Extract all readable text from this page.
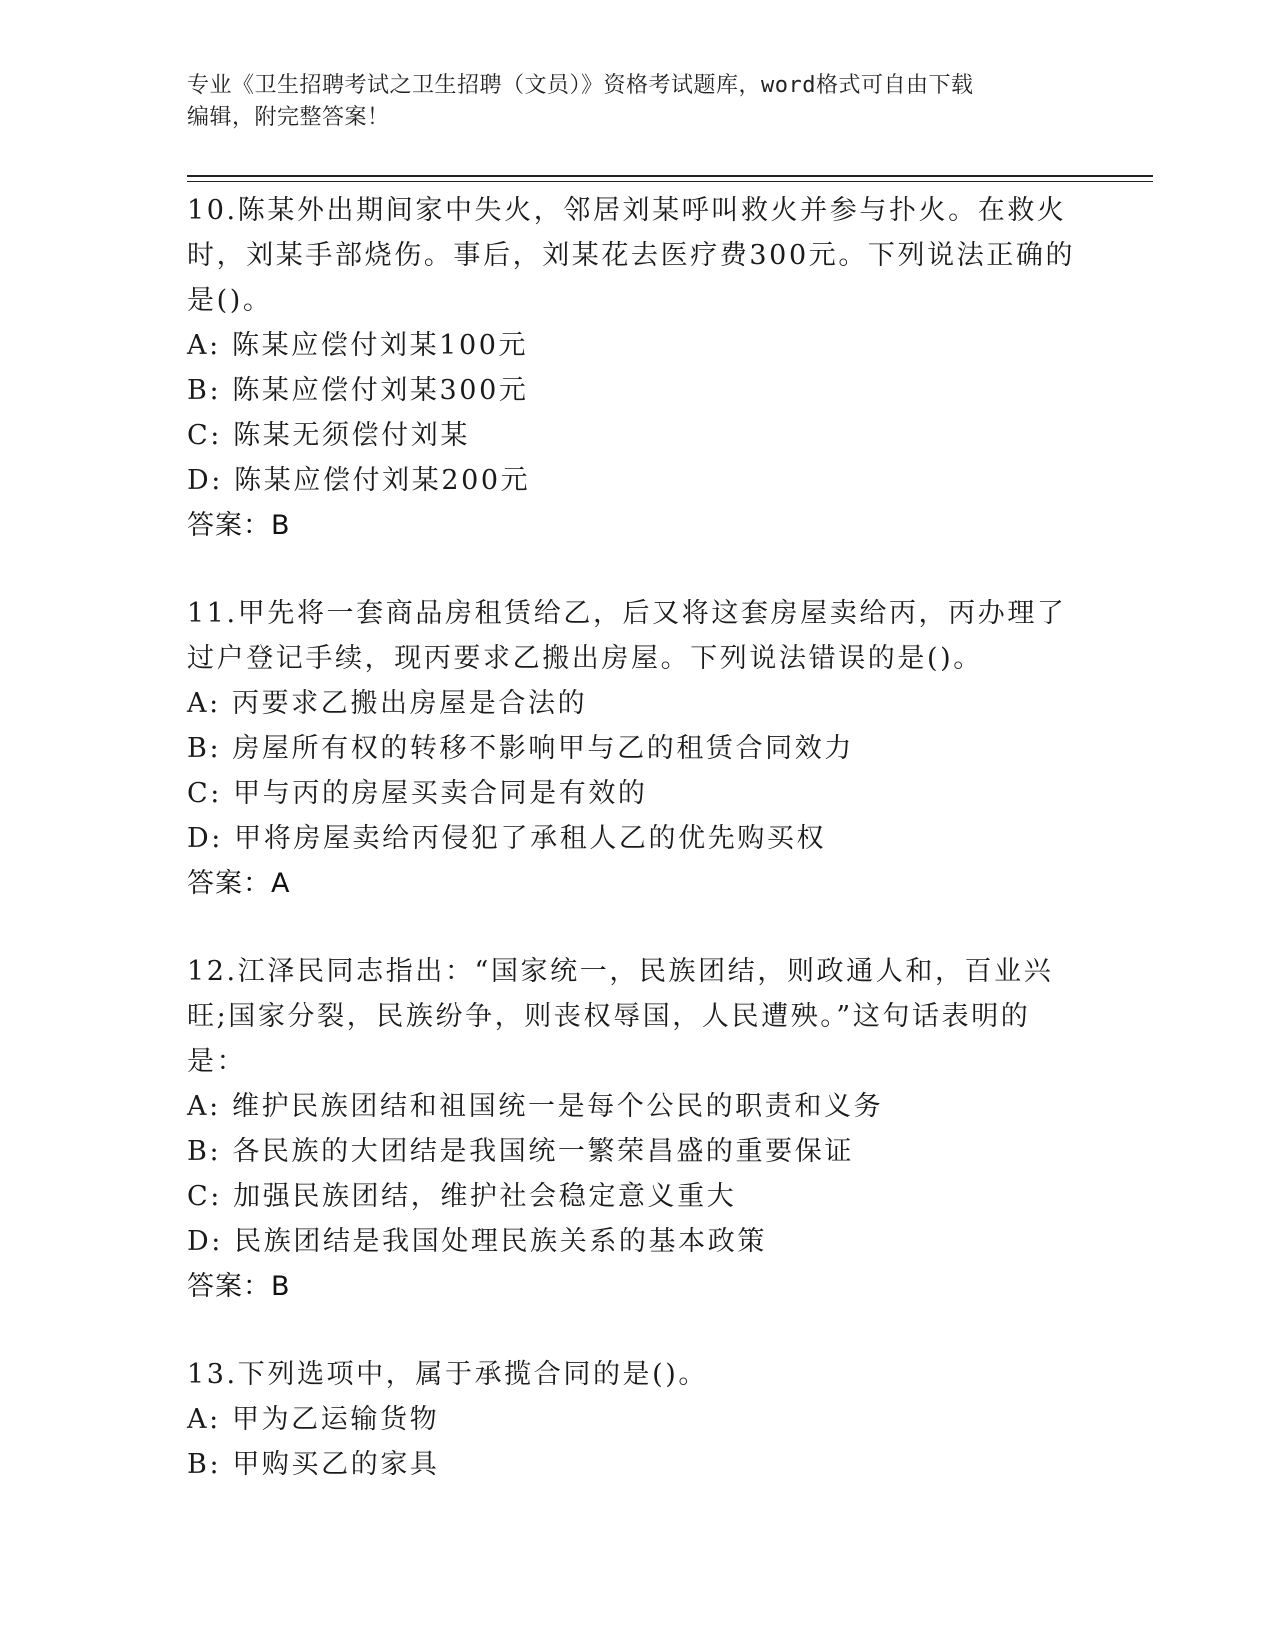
专业《卫生招聘考试之卫生招聘（文员）》资格考试题库，word格式可自由下载
编辑，附完整答案！

10.陈某外出期间家中失火，邻居刘某呼叫救火并参与扑火。在救火时，刘某手部烧伤。事后，刘某花去医疗费300元。下列说法正确的是()。

A: 陈某应偿付刘某100元

B: 陈某应偿付刘某300元

C: 陈某无须偿付刘某

D: 陈某应偿付刘某200元

答案：B

11.甲先将一套商品房租赁给乙，后又将这套房屋卖给丙，丙办理了过户登记手续，现丙要求乙搬出房屋。下列说法错误的是()。

A: 丙要求乙搬出房屋是合法的

B: 房屋所有权的转移不影响甲与乙的租赁合同效力

C: 甲与丙的房屋买卖合同是有效的

D: 甲将房屋卖给丙侵犯了承租人乙的优先购买权

答案：A

12.江泽民同志指出：“国家统一，民族团结，则政通人和，百业兴旺;国家分裂，民族纷争，则丧权辱国，人民遭殃。”这句话表明的是：

A: 维护民族团结和祖国统一是每个公民的职责和义务

B: 各民族的大团结是我国统一繁荣昌盛的重要保证

C: 加强民族团结，维护社会稳定意义重大

D: 民族团结是我国处理民族关系的基本政策

答案：B

13.下列选项中，属于承揽合同的是()。

A: 甲为乙运输货物

B: 甲购买乙的家具
